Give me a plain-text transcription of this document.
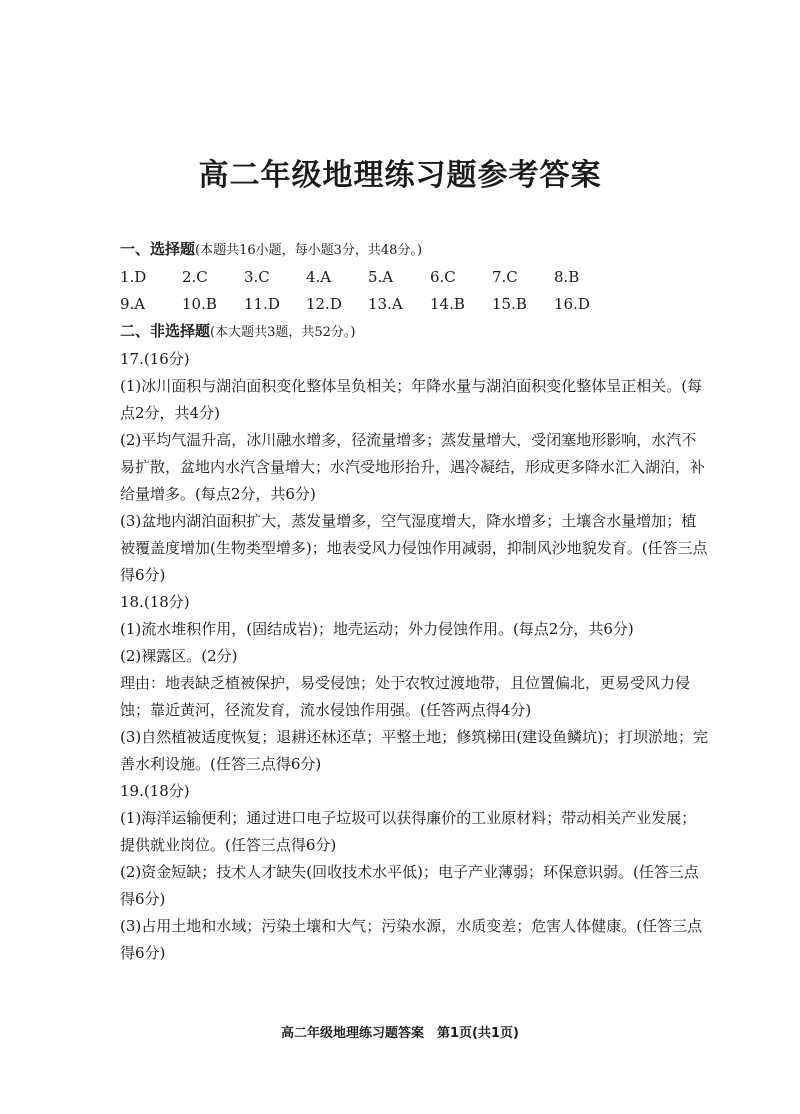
高二年级地理练习题参考答案

一、选择题(本题共16小题，每小题3分，共48分。)

1.D	2.C	3.C	4.A	5.A	6.C	7.C	8.B
9.A	10.B	11.D	12.D	13.A	14.B	15.B	16.D

二、非选择题(本大题共3题，共52分。)

17.(16分)

(1)冰川面积与湖泊面积变化整体呈负相关；年降水量与湖泊面积变化整体呈正相关。(每点2分，共4分)

(2)平均气温升高，冰川融水增多，径流量增多；蒸发量增大，受闭塞地形影响，水汽不易扩散，盆地内水汽含量增大；水汽受地形抬升，遇冷凝结，形成更多降水汇入湖泊，补给量增多。(每点2分，共6分)

(3)盆地内湖泊面积扩大，蒸发量增多，空气湿度增大，降水增多；土壤含水量增加；植被覆盖度增加(生物类型增多)；地表受风力侵蚀作用减弱，抑制风沙地貌发育。(任答三点得6分)

18.(18分)

(1)流水堆积作用，(固结成岩)；地壳运动；外力侵蚀作用。(每点2分，共6分)

(2)裸露区。(2分)

理由：地表缺乏植被保护，易受侵蚀；处于农牧过渡地带，且位置偏北，更易受风力侵蚀；靠近黄河，径流发育，流水侵蚀作用强。(任答两点得4分)

(3)自然植被适度恢复；退耕还林还草；平整土地；修筑梯田(建设鱼鳞坑)；打坝淤地；完善水利设施。(任答三点得6分)

19.(18分)

(1)海洋运输便利；通过进口电子垃圾可以获得廉价的工业原材料；带动相关产业发展；提供就业岗位。(任答三点得6分)

(2)资金短缺；技术人才缺失(回收技术水平低)；电子产业薄弱；环保意识弱。(任答三点得6分)

(3)占用土地和水域；污染土壤和大气；污染水源，水质变差；危害人体健康。(任答三点得6分)

高二年级地理练习题答案　第1页(共1页)
